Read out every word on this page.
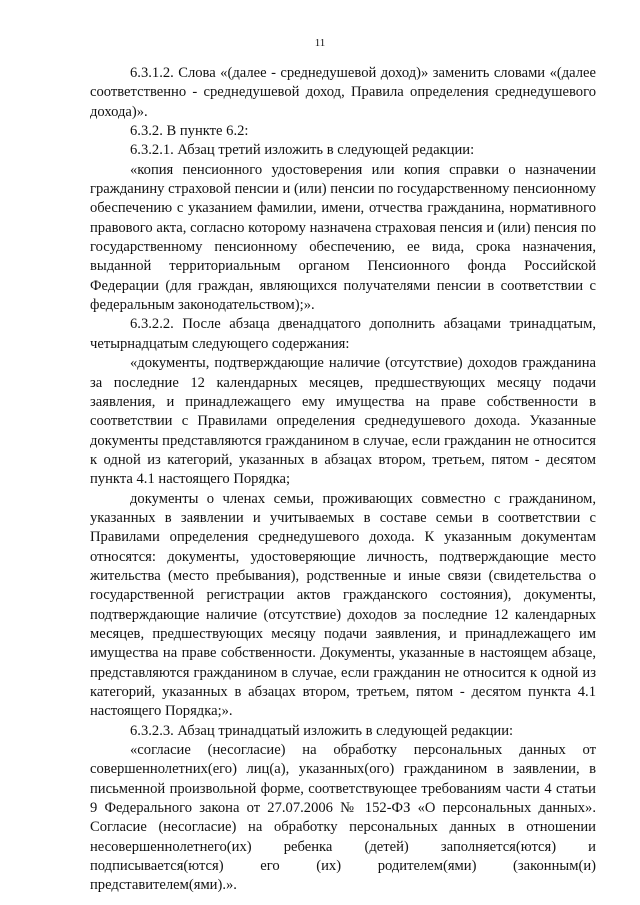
11

6.3.1.2. Слова «(далее - среднедушевой доход)» заменить словами «(далее соответственно - среднедушевой доход, Правила определения среднедушевого дохода)».

6.3.2. В пункте 6.2:

6.3.2.1. Абзац третий изложить в следующей редакции:

«копия пенсионного удостоверения или копия справки о назначении гражданину страховой пенсии и (или) пенсии по государственному пенсионному обеспечению с указанием фамилии, имени, отчества гражданина, нормативного правового акта, согласно которому назначена страховая пенсия и (или) пенсия по государственному пенсионному обеспечению, ее вида, срока назначения, выданной территориальным органом Пенсионного фонда Российской Федерации (для граждан, являющихся получателями пенсии в соответствии с федеральным законодательством);».

6.3.2.2. После абзаца двенадцатого дополнить абзацами тринадцатым, четырнадцатым следующего содержания:

«документы, подтверждающие наличие (отсутствие) доходов гражданина за последние 12 календарных месяцев, предшествующих месяцу подачи заявления, и принадлежащего ему имущества на праве собственности в соответствии с Правилами определения среднедушевого дохода. Указанные документы представляются гражданином в случае, если гражданин не относится к одной из категорий, указанных в абзацах втором, третьем, пятом - десятом пункта 4.1 настоящего Порядка;

документы о членах семьи, проживающих совместно с гражданином, указанных в заявлении и учитываемых в составе семьи в соответствии с Правилами определения среднедушевого дохода. К указанным документам относятся: документы, удостоверяющие личность, подтверждающие место жительства (место пребывания), родственные и иные связи (свидетельства о государственной регистрации актов гражданского состояния), документы, подтверждающие наличие (отсутствие) доходов за последние 12 календарных месяцев, предшествующих месяцу подачи заявления, и принадлежащего им имущества на праве собственности. Документы, указанные в настоящем абзаце, представляются гражданином в случае, если гражданин не относится к одной из категорий, указанных в абзацах втором, третьем, пятом - десятом пункта 4.1 настоящего Порядка;».

6.3.2.3. Абзац тринадцатый изложить в следующей редакции:

«согласие (несогласие) на обработку персональных данных от совершеннолетних(его) лиц(а), указанных(ого) гражданином в заявлении, в письменной произвольной форме, соответствующее требованиям части 4 статьи 9 Федерального закона от 27.07.2006 № 152-ФЗ «О персональных данных». Согласие (несогласие) на обработку персональных данных в отношении несовершеннолетнего(их) ребенка (детей) заполняется(ются) и подписывается(ются) его (их) родителем(ями) (законным(и) представителем(ями).».
